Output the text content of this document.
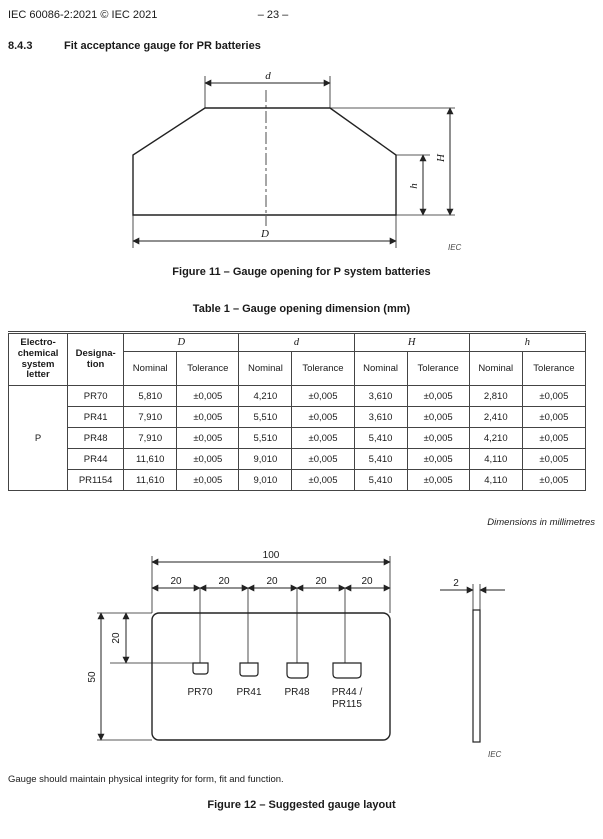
IEC 60086-2:2021 © IEC 2021	– 23 –
8.4.3	Fit acceptance gauge for PR batteries
d
H
h
D
IEC
Figure 11 – Gauge opening for P system batteries
Table 1 – Gauge opening dimension (mm)
Electro-
chemical
system
letter	Designa-
tion	D		d		H		h	
		Nominal	Tolerance	Nominal	Tolerance	Nominal	Tolerance	Nominal	Tolerance
P	PR70	5,810	±0,005	4,210	±0,005	3,610	±0,005	2,810	±0,005
	PR41	7,910	±0,005	5,510	±0,005	3,610	±0,005	2,410	±0,005
	PR48	7,910	±0,005	5,510	±0,005	5,410	±0,005	4,210	±0,005
	PR44	11,610	±0,005	9,010	±0,005	5,410	±0,005	4,110	±0,005
	PR1154	11,610	±0,005	9,010	±0,005	5,410	±0,005	4,110	±0,005
Dimensions in millimetres
100
20	20	20	20	20
50
20
PR70 PR41 PR48 PR44 /
PR115
2
IEC
Gauge should maintain physical integrity for form, fit and function.
Figure 12 – Suggested gauge layout
